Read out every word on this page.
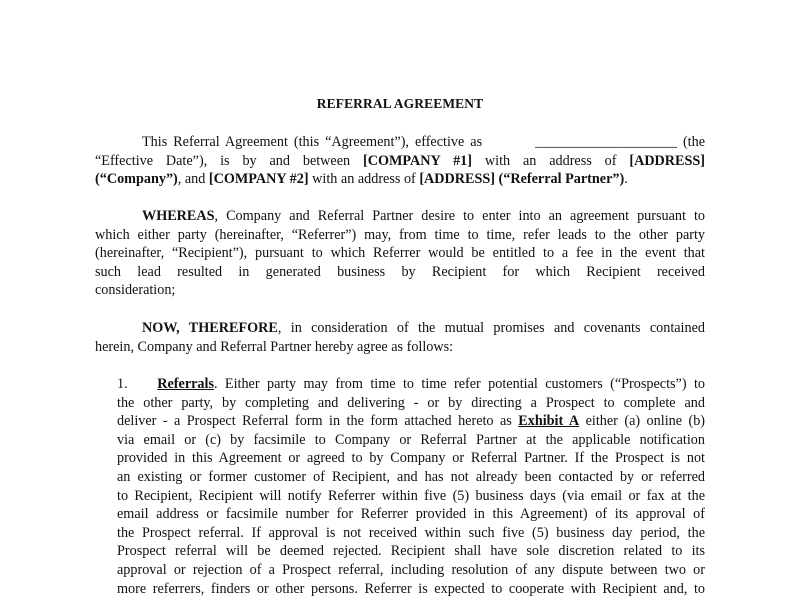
REFERRAL AGREEMENT
This Referral Agreement (this “Agreement”), effective as	____________________ (the
“Effective Date”), is by and between [COMPANY #1] with an address of [ADDRESS]
(“Company”), and [COMPANY #2] with an address of [ADDRESS] (“Referral Partner”).
WHEREAS, Company and Referral Partner desire to enter into an agreement pursuant to
which either party (hereinafter, “Referrer”) may, from time to time, refer leads to the other party
(hereinafter, “Recipient”), pursuant to which Referrer would be entitled to a fee in the event that
such lead resulted in generated business by Recipient for which Recipient received
consideration;
NOW, THEREFORE, in consideration of the mutual promises and covenants contained
herein, Company and Referral Partner hereby agree as follows:
1. Referrals. Either party may from time to time refer potential customers (“Prospects”) to
the other party, by completing and delivering - or by directing a Prospect to complete and
deliver - a Prospect Referral form in the form attached hereto as Exhibit A either (a) online (b)
via email or (c) by facsimile to Company or Referral Partner at the applicable notification
provided in this Agreement or agreed to by Company or Referral Partner. If the Prospect is not
an existing or former customer of Recipient, and has not already been contacted by or referred
to Recipient, Recipient will notify Referrer within five (5) business days (via email or fax at the
email address or facsimile number for Referrer provided in this Agreement) of its approval of
the Prospect referral. If approval is not received within such five (5) business day period, the
Prospect referral will be deemed rejected. Recipient shall have sole discretion related to its
approval or rejection of a Prospect referral, including resolution of any dispute between two or
more referrers, finders or other persons. Referrer is expected to cooperate with Recipient and, to
